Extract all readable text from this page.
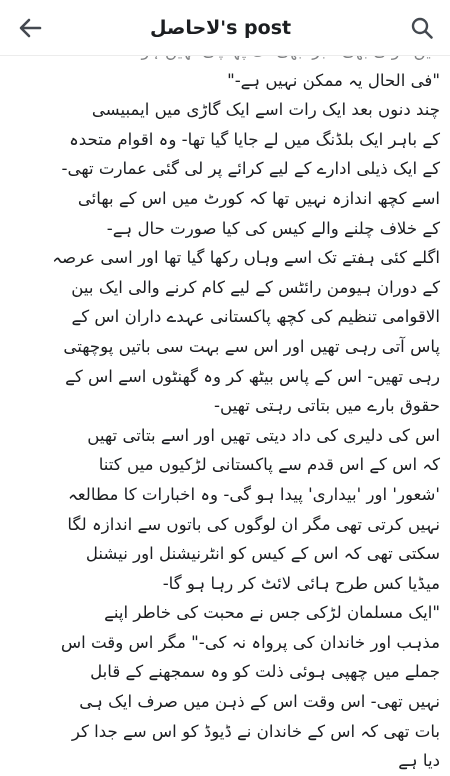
لاحاصل's post
"فی الحال یہ ممکن نہیں ہے-"
چند دنوں بعد ایک رات اسے ایک گاڑی میں ایمبیسی
کے باہر ایک بلڈنگ میں لے جایا گیا تھا- وہ اقوام متحدہ
کے ایک ذیلی ادارے کے لیے کرائے پر لی گئی عمارت تھی-
اسے کچھ اندازہ نہیں تھا کہ کورٹ میں اس کے بھائی
کے خلاف چلنے والے کیس کی کیا صورت حال ہے-
اگلے کئی ہفتے تک اسے وہاں رکھا گیا تھا اور اسی عرصہ
کے دوران ہیومن رائٹس کے لیے کام کرنے والی ایک بین
الاقوامی تنظیم کی کچھ پاکستانی عہدے داران اس کے
پاس آتی رہی تھیں اور اس سے بہت سی باتیں پوچھتی
رہی تھیں- اس کے پاس بیٹھ کر وہ گھنٹوں اسے اس کے
حقوق بارے میں بتاتی رہتی تھیں-
اس کی دلیری کی داد دیتی تھیں اور اسے بتاتی تھیں
کہ اس کے اس قدم سے پاکستانی لڑکیوں میں کتنا
'شعور' اور 'بیداری' پیدا ہو گی- وہ اخبارات کا مطالعہ
نہیں کرتی تھی مگر ان لوگوں کی باتوں سے اندازہ لگا
سکتی تھی کہ اس کے کیس کو انٹرنیشنل اور نیشنل
میڈیا کس طرح ہائی لائٹ کر رہا ہو گا-
"ایک مسلمان لڑکی جس نے محبت کی خاطر اپنے
مذہب اور خاندان کی پرواہ نہ کی-" مگر اس وقت اس
جملے میں چھپی ہوئی ذلت کو وہ سمجھنے کے قابل
نہیں تھی- اس وقت اس کے ذہن میں صرف ایک ہی
بات تھی کہ اس کے خاندان نے ڈیوڈ کو اس سے جدا کر
دیا ہے
